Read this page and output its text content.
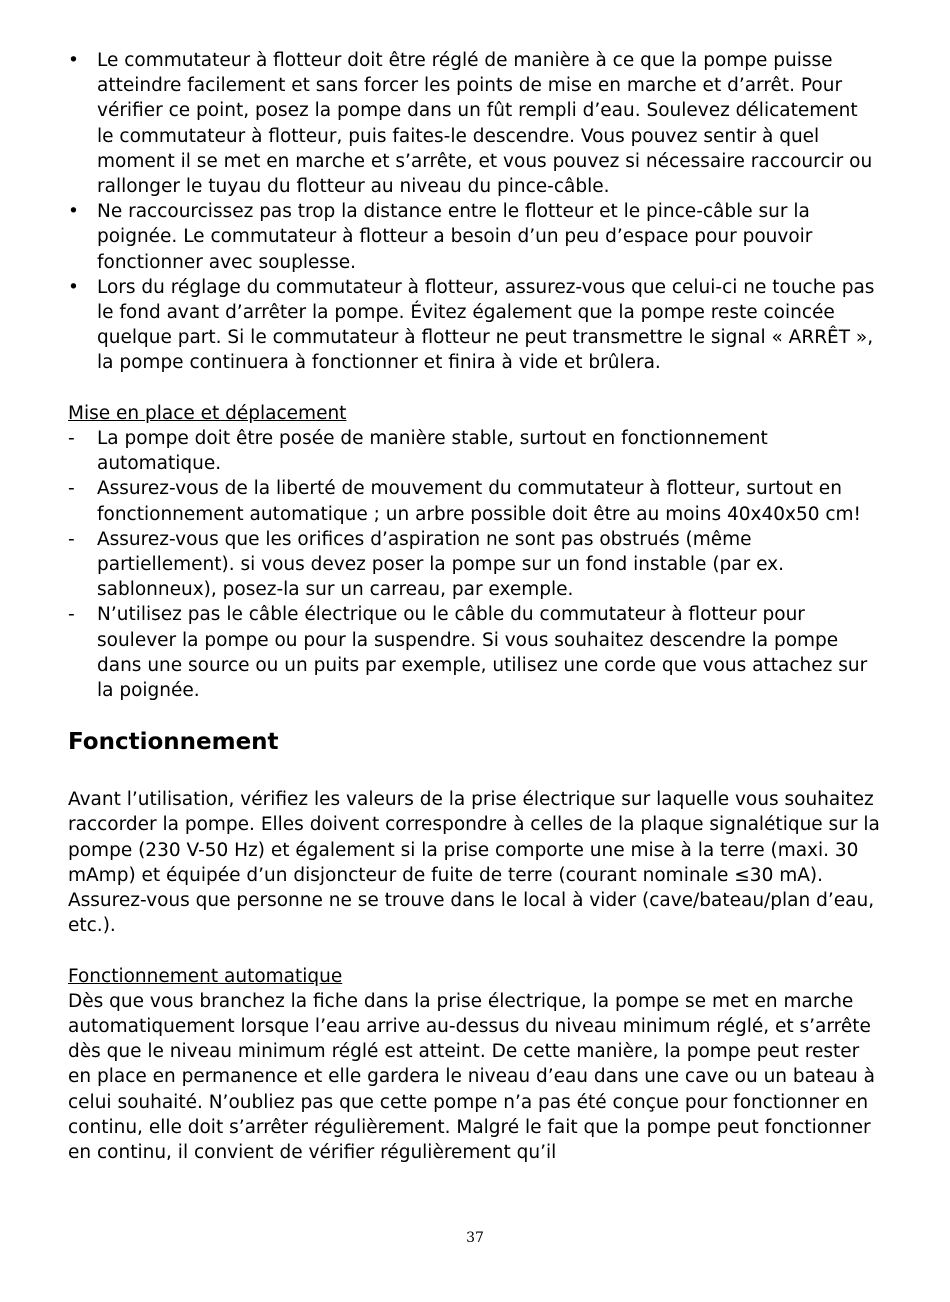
• Le commutateur à flotteur doit être réglé de manière à ce que la pompe puisse atteindre facilement et sans forcer les points de mise en marche et d’arrêt. Pour vérifier ce point, posez la pompe dans un fût rempli d’eau. Soulevez délicatement le commutateur à flotteur, puis faites-le descendre. Vous pouvez sentir à quel moment il se met en marche et s’arrête, et vous pouvez si nécessaire raccourcir ou rallonger le tuyau du flotteur au niveau du pince-câble.
• Ne raccourcissez pas trop la distance entre le flotteur et le pince-câble sur la poignée. Le commutateur à flotteur a besoin d’un peu d’espace pour pouvoir fonctionner avec souplesse.
• Lors du réglage du commutateur à flotteur, assurez-vous que celui-ci ne touche pas le fond avant d’arrêter la pompe. Évitez également que la pompe reste coincée quelque part. Si le commutateur à flotteur ne peut transmettre le signal « ARRÊT », la pompe continuera à fonctionner et finira à vide et brûlera.
Mise en place et déplacement
-	La pompe doit être posée de manière stable, surtout en fonctionnement automatique.
-	Assurez-vous de la liberté de mouvement du commutateur à flotteur, surtout en fonctionnement automatique ; un arbre possible doit être au moins 40x40x50 cm!
-	Assurez-vous que les orifices d’aspiration ne sont pas obstrués (même partiellement). si vous devez poser la pompe sur un fond instable (par ex. sablonneux), posez-la sur un carreau, par exemple.
-	N’utilisez pas le câble électrique ou le câble du commutateur à flotteur pour soulever la pompe ou pour la suspendre. Si vous souhaitez descendre la pompe dans une source ou un puits par exemple, utilisez une corde que vous attachez sur la poignée.
Fonctionnement
Avant l’utilisation, vérifiez les valeurs de la prise électrique sur laquelle vous souhaitez raccorder la pompe. Elles doivent correspondre à celles de la plaque signalétique sur la pompe (230 V-50 Hz) et également si la prise comporte une mise à la terre (maxi. 30 mAmp) et équipée d’un disjoncteur de fuite de terre (courant nominale ≤30 mA). Assurez-vous que personne ne se trouve dans le local à vider (cave/bateau/plan d’eau, etc.).
Fonctionnement automatique
Dès que vous branchez la fiche dans la prise électrique, la pompe se met en marche automatiquement lorsque l’eau arrive au-dessus du niveau minimum réglé, et s’arrête dès que le niveau minimum réglé est atteint. De cette manière, la pompe peut rester en place en permanence et elle gardera le niveau d’eau dans une cave ou un bateau à celui souhaité. N’oubliez pas que cette pompe n’a pas été conçue pour fonctionner en continu, elle doit s’arrêter régulièrement. Malgré le fait que la pompe peut fonctionner en continu, il convient de vérifier régulièrement qu’il
37
